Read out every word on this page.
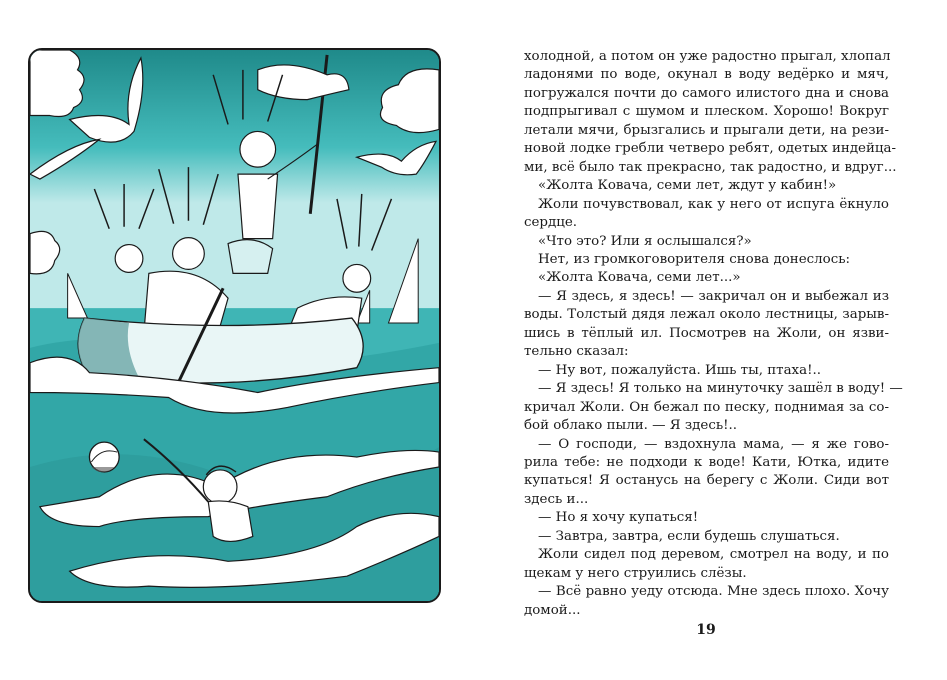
холодной, а потом он уже радостно прыгал, хлопал
ладонями по воде, окунал в воду ведёрко и мяч,
погружался почти до самого илистого дна и снова
подпрыгивал с шумом и плеском. Хорошо! Вокруг
летали мячи, брызгались и прыгали дети, на рези-
новой лодке гребли четверо ребят, одетых индейца-
ми, всё было так прекрасно, так радостно, и вдруг...
«Жолта Ковача, семи лет, ждут у кабин!»
Жоли почувствовал, как у него от испуга ёкнуло
сердце.
«Что это? Или я ослышался?»
Нет, из громкоговорителя снова донеслось:
«Жолта Ковача, семи лет...»
— Я здесь, я здесь! — закричал он и выбежал из
воды. Толстый дядя лежал около лестницы, зарыв-
шись в тёплый ил. Посмотрев на Жоли, он язви-
тельно сказал:
— Ну вот, пожалуйста. Ишь ты, птаха!..
— Я здесь! Я только на минуточку зашёл в воду! —
кричал Жоли. Он бежал по песку, поднимая за со-
бой облако пыли. — Я здесь!..
— О господи, — вздохнула мама, — я же гово-
рила тебе: не подходи к воде! Кати, Ютка, идите
купаться! Я останусь на берегу с Жоли. Сиди вот
здесь и...
— Но я хочу купаться!
— Завтра, завтра, если будешь слушаться.
Жоли сидел под деревом, смотрел на воду, и по
щекам у него струились слёзы.
— Всё равно уеду отсюда. Мне здесь плохо. Хочу
домой...
19
